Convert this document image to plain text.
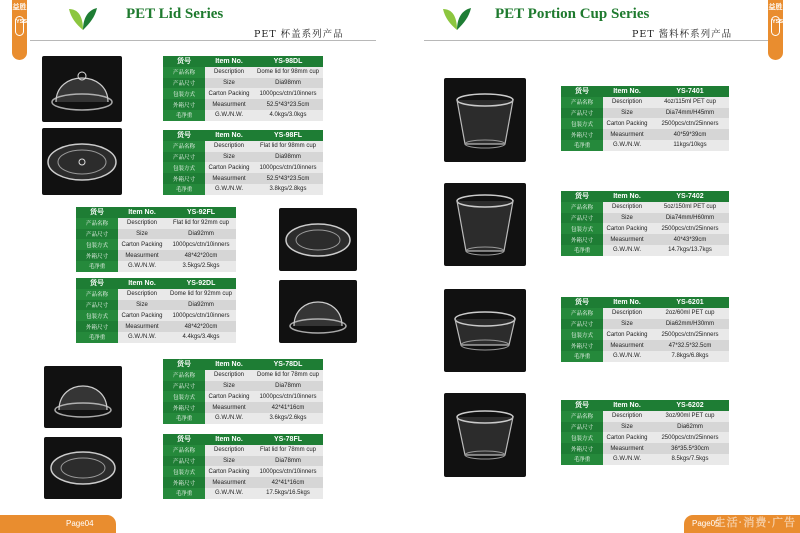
PET Lid Series
PET 杯盖系列产品
益胜
YSSJ
Page04
PET Portion Cup Series
PET 酱料杯系列产品
益胜
YSSJ
Page05
生活·消费·广告
货号	Item No.	YS-98DL
产品名称	Description	Dome lid for 98mm cup
产品尺寸	Size	Dia98mm
包装方式	Carton Packing	1000pcs/ctn/10inners
外箱尺寸	Measurment	52.5*43*23.5cm
毛净重	G.W./N.W.	4.0kgs/3.0kgs
货号	Item No.	YS-98FL
产品名称	Description	Flat lid for 98mm cup
产品尺寸	Size	Dia98mm
包装方式	Carton Packing	1000pcs/ctn/10inners
外箱尺寸	Measurment	52.5*43*23.5cm
毛净重	G.W./N.W.	3.8kgs/2.8kgs
货号	Item No.	YS-92FL
产品名称	Description	Flat lid for 92mm cup
产品尺寸	Size	Dia92mm
包装方式	Carton Packing	1000pcs/ctn/10inners
外箱尺寸	Measurment	48*42*20cm
毛净重	G.W./N.W.	3.5kgs/2.5kgs
货号	Item No.	YS-92DL
产品名称	Description	Dome lid for 92mm cup
产品尺寸	Size	Dia92mm
包装方式	Carton Packing	1000pcs/ctn/10inners
外箱尺寸	Measurment	48*42*20cm
毛净重	G.W./N.W.	4.4kgs/3.4kgs
货号	Item No.	YS-78DL
产品名称	Description	Dome lid for 78mm cup
产品尺寸	Size	Dia78mm
包装方式	Carton Packing	1000pcs/ctn/10inners
外箱尺寸	Measurment	42*41*16cm
毛净重	G.W./N.W.	3.6kgs/2.6kgs
货号	Item No.	YS-78FL
产品名称	Description	Flat lid for 78mm cup
产品尺寸	Size	Dia78mm
包装方式	Carton Packing	1000pcs/ctn/10inners
外箱尺寸	Measurment	42*41*16cm
毛净重	G.W./N.W.	17.5kgs/16.5kgs
货号	Item No.	YS-7401
产品名称	Description	4oz/115ml PET cup
产品尺寸	Size	Dia74mm/H45mm
包装方式	Carton Packing	2500pcs/ctn/25inners
外箱尺寸	Measurment	40*59*39cm
毛净重	G.W./N.W.	11kgs/10kgs
货号	Item No.	YS-7402
产品名称	Description	5oz/150ml PET cup
产品尺寸	Size	Dia74mm/H60mm
包装方式	Carton Packing	2500pcs/ctn/25inners
外箱尺寸	Measurment	40*43*39cm
毛净重	G.W./N.W.	14.7kgs/13.7kgs
货号	Item No.	YS-6201
产品名称	Description	2oz/60ml PET cup
产品尺寸	Size	Dia62mm/H30mm
包装方式	Carton Packing	2500pcs/ctn/25inners
外箱尺寸	Measurment	47*32.5*32.5cm
毛净重	G.W./N.W.	7.8kgs/6.8kgs
货号	Item No.	YS-6202
产品名称	Description	3oz/90ml PET cup
产品尺寸	Size	Dia62mm
包装方式	Carton Packing	2500pcs/ctn/25inners
外箱尺寸	Measurment	36*35.5*30cm
毛净重	G.W./N.W.	8.5kgs/7.5kgs
